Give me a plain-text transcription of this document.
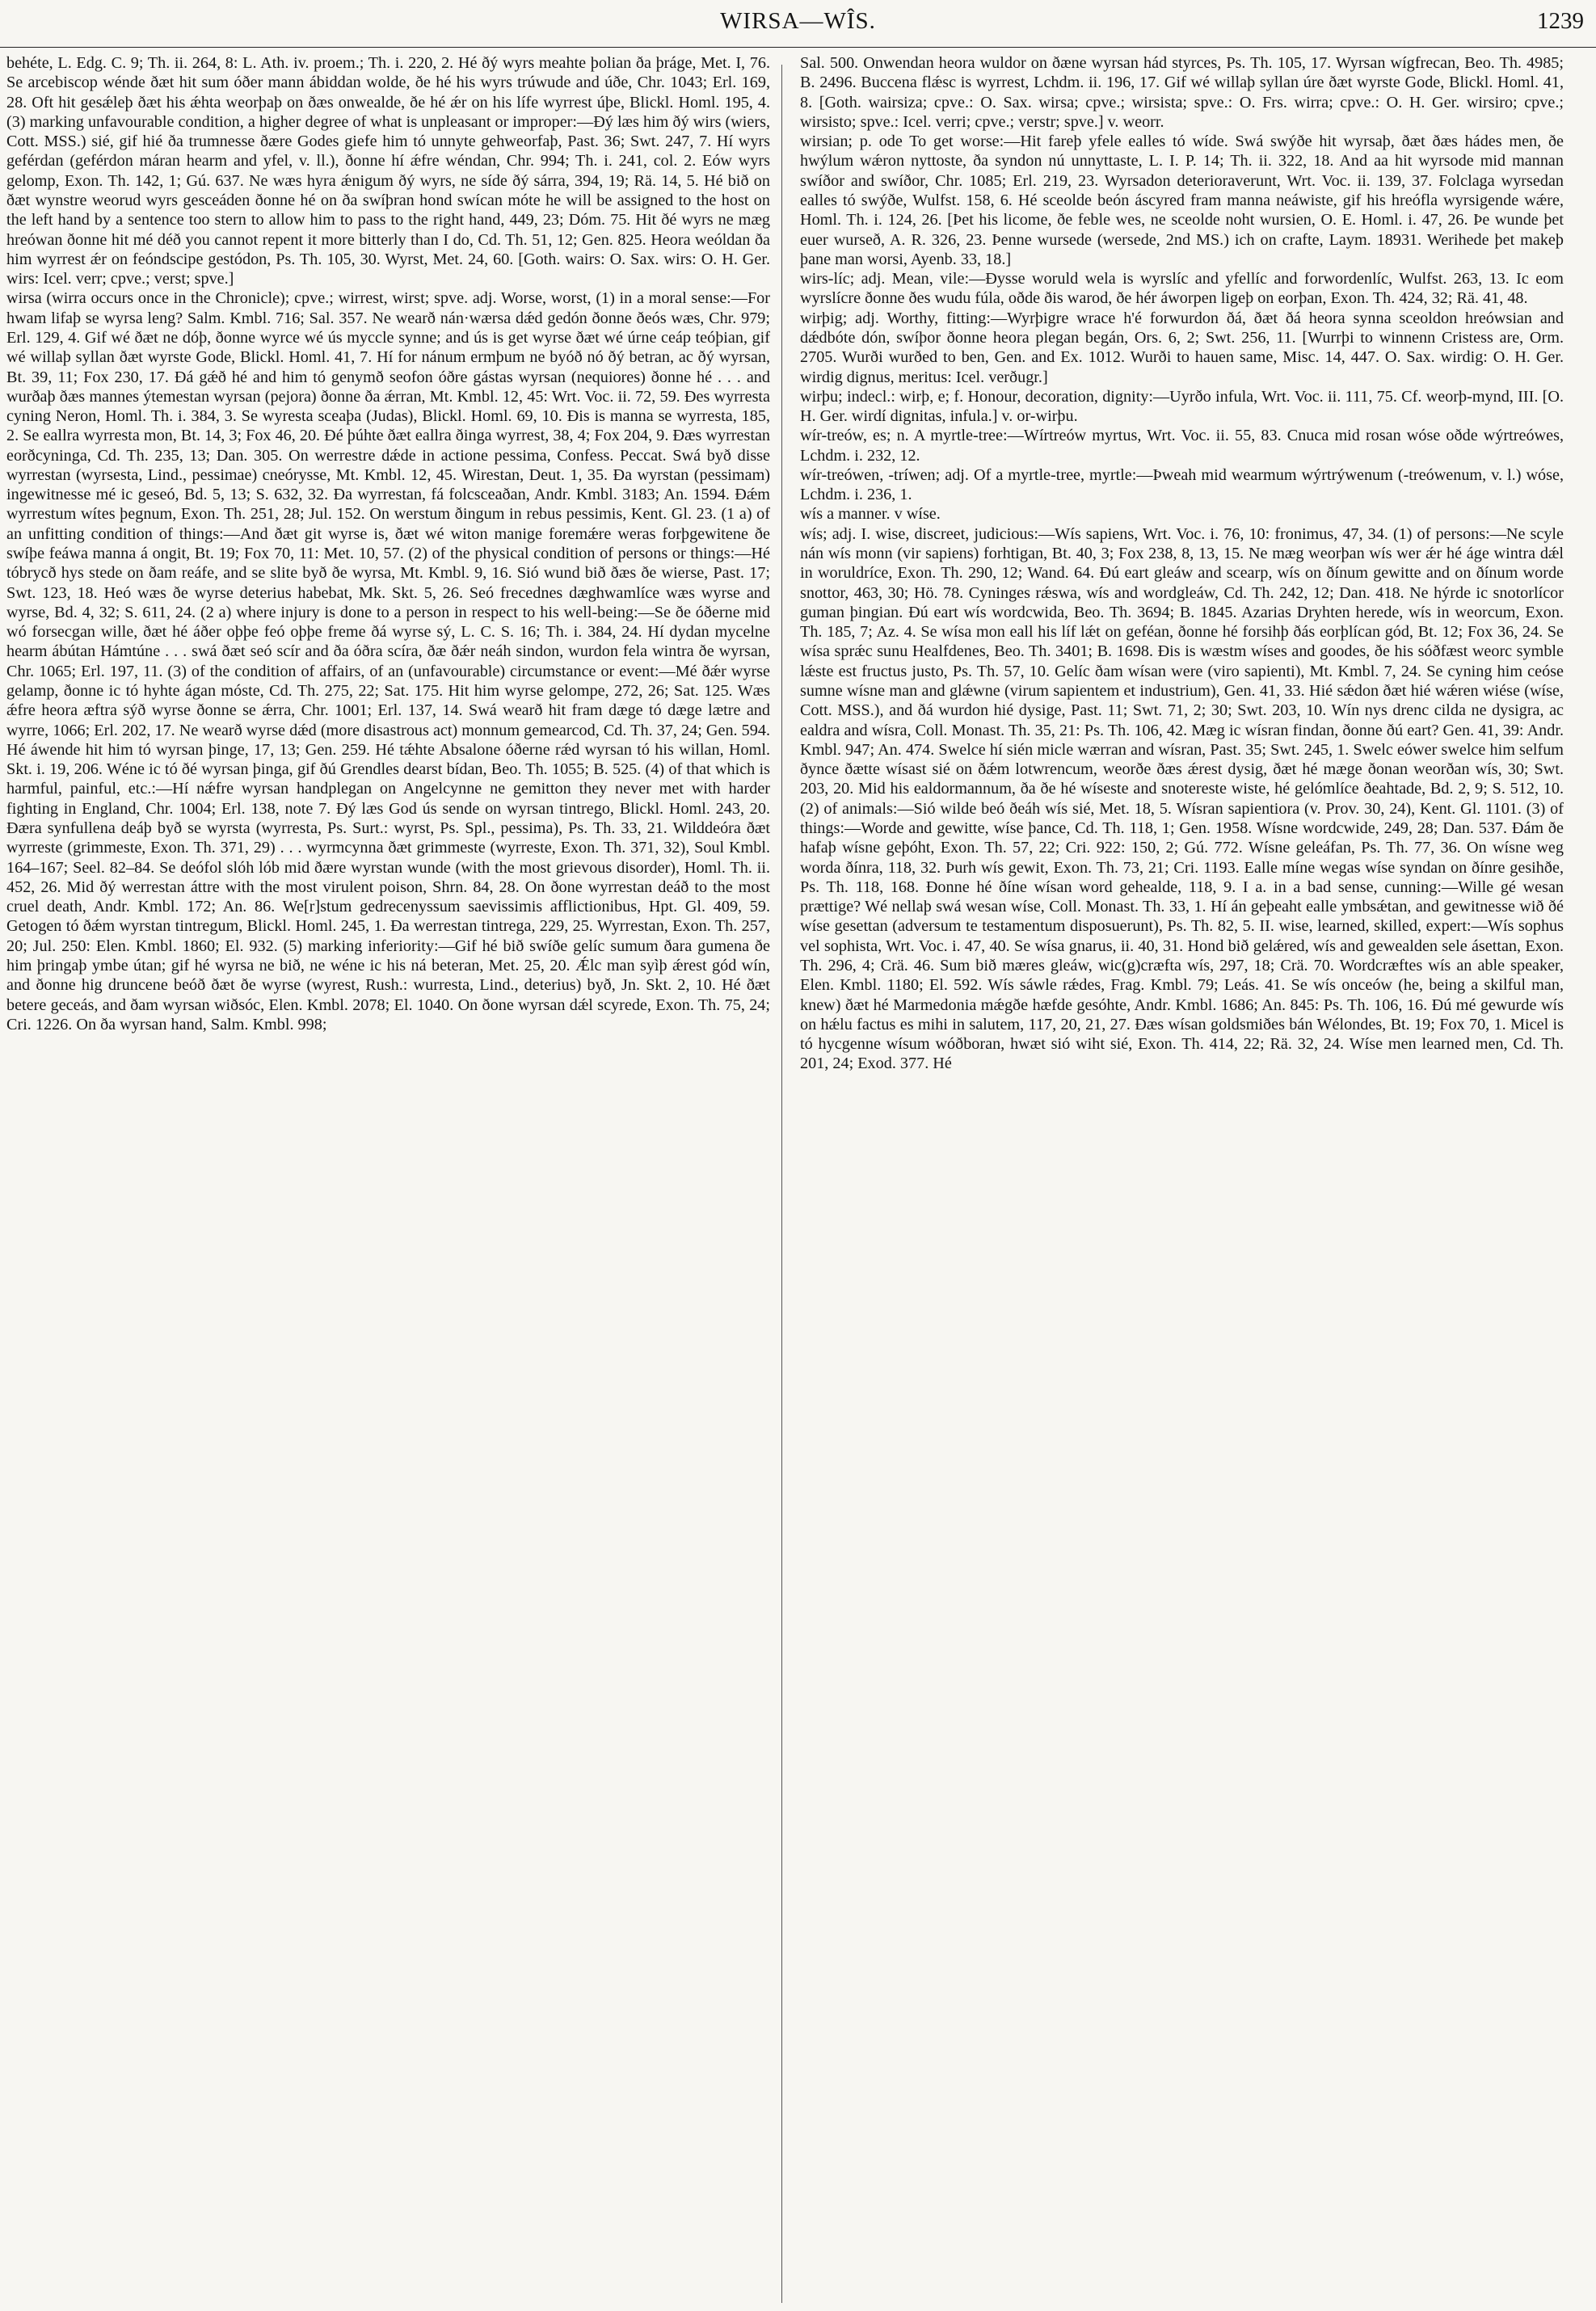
WIRSA—WÎS.	1239

behéte, L. Edg. C. 9; Th. ii. 264, 8: L. Ath. iv. proem.; Th. i. 220, 2. Hé ðý wyrs meahte þolian ða þráge, Met. I, 76. Se arcebiscop wénde ðæt hit sum óðer mann ábiddan wolde, ðe hé his wyrs trúwude and úðe, Chr. 1043; Erl. 169, 28. Oft hit gesǽleþ ðæt his ǽhta weorþaþ on ðæs onwealde, ðe hé ǽr on his lífe wyrrest úþe, Blickl. Homl. 195, 4. (3) marking unfavourable condition, a higher degree of what is unpleasant or improper:—Ðý læs him ðý wirs (wiers, Cott. MSS.) sié, gif hié ða trumnesse ðære Godes giefe him tó unnyte gehweorfaþ, Past. 36; Swt. 247, 7. Hí wyrs geférdan (geférdon máran hearm and yfel, v. ll.), ðonne hí ǽfre wéndan, Chr. 994; Th. i. 241, col. 2. Eów wyrs gelomp, Exon. Th. 142, 1; Gú. 637. Ne wæs hyra ǽnigum ðý wyrs, ne síde ðý sárra, 394, 19; Rä. 14, 5. Hé bið on ðæt wynstre weorud wyrs gesceáden ðonne hé on ða swíþran hond swícan móte he will be assigned to the host on the left hand by a sentence too stern to allow him to pass to the right hand, 449, 23; Dóm. 75. Hit ðé wyrs ne mæg hreówan ðonne hit mé déð you cannot repent it more bitterly than I do, Cd. Th. 51, 12; Gen. 825. Heora weóldan ða him wyrrest ǽr on feóndscipe gestódon, Ps. Th. 105, 30. Wyrst, Met. 24, 60. [Goth. wairs: O. Sax. wirs: O. H. Ger. wirs: Icel. verr; cpve.; verst; spve.]

wirsa (wirra occurs once in the Chronicle); cpve.; wirrest, wirst; spve. adj. Worse, worst, (1) in a moral sense:—For hwam lifaþ se wyrsa leng? Salm. Kmbl. 716; Sal. 357. Ne wearð nán·wærsa dǽd gedón ðonne ðeós wæs, Chr. 979; Erl. 129, 4. Gif wé ðæt ne dóþ, ðonne wyrce wé ús myccle synne; and ús is get wyrse ðæt wé úrne ceáp teóþian, gif wé willaþ syllan ðæt wyrste Gode, Blickl. Homl. 41, 7. Hí for nánum ermþum ne byóð nó ðý betran, ac ðý wyrsan, Bt. 39, 11; Fox 230, 17. Ðá gǽð hé and him tó genymð seofon óðre gástas wyrsan (nequiores) ðonne hé . . . and wurðaþ ðæs mannes ýtemestan wyrsan (pejora) ðonne ða ǽrran, Mt. Kmbl. 12, 45: Wrt. Voc. ii. 72, 59. Ðes wyrresta cyning Neron, Homl. Th. i. 384, 3. Se wyresta sceaþa (Judas), Blickl. Homl. 69, 10. Ðis is manna se wyrresta, 185, 2. Se eallra wyrresta mon, Bt. 14, 3; Fox 46, 20. Ðé þúhte ðæt eallra ðinga wyrrest, 38, 4; Fox 204, 9. Ðæs wyrrestan eorðcyninga, Cd. Th. 235, 13; Dan. 305. On werrestre dǽde in actione pessima, Confess. Peccat. Swá byð disse wyrrestan (wyrsesta, Lind., pessimae) cneórysse, Mt. Kmbl. 12, 45. Wirestan, Deut. 1, 35. Ða wyrstan (pessimam) ingewitnesse mé ic geseó, Bd. 5, 13; S. 632, 32. Ða wyrrestan, fá folcsceaðan, Andr. Kmbl. 3183; An. 1594. Ðǽm wyrrestum wítes þegnum, Exon. Th. 251, 28; Jul. 152. On werstum ðingum in rebus pessimis, Kent. Gl. 23. (1 a) of an unfitting condition of things:—And ðæt git wyrse is, ðæt wé witon manige foremǽre weras forþgewitene ðe swíþe feáwa manna á ongit, Bt. 19; Fox 70, 11: Met. 10, 57. (2) of the physical condition of persons or things:—Hé tóbrycð hys stede on ðam reáfe, and se slite byð ðe wyrsa, Mt. Kmbl. 9, 16. Sió wund bið ðæs ðe wierse, Past. 17; Swt. 123, 18. Heó wæs ðe wyrse deterius habebat, Mk. Skt. 5, 26. Seó frecednes dæghwamlíce wæs wyrse and wyrse, Bd. 4, 32; S. 611, 24. (2 a) where injury is done to a person in respect to his well-being:—Se ðe óðerne mid wó forsecgan wille, ðæt hé áðer oþþe feó oþþe freme ðá wyrse sý, L. C. S. 16; Th. i. 384, 24. Hí dydan mycelne hearm ábútan Hámtúne . . . swá ðæt seó scír and ða óðra scíra, ðæ ðǽr neáh sindon, wurdon fela wintra ðe wyrsan, Chr. 1065; Erl. 197, 11. (3) of the condition of affairs, of an (unfavourable) circumstance or event:—Mé ðǽr wyrse gelamp, ðonne ic tó hyhte ágan móste, Cd. Th. 275, 22; Sat. 175. Hit him wyrse gelompe, 272, 26; Sat. 125. Wæs ǽfre heora æftra sýð wyrse ðonne se ǽrra, Chr. 1001; Erl. 137, 14. Swá wearð hit fram dæge tó dæge lætre and wyrre, 1066; Erl. 202, 17. Ne wearð wyrse dǽd (more disastrous act) monnum gemearcod, Cd. Th. 37, 24; Gen. 594. Hé áwende hit him tó wyrsan þinge, 17, 13; Gen. 259. Hé tǽhte Absalone óðerne rǽd wyrsan tó his willan, Homl. Skt. i. 19, 206. Wéne ic tó ðé wyrsan þinga, gif ðú Grendles dearst bídan, Beo. Th. 1055; B. 525. (4) of that which is harmful, painful, etc.:—Hí nǽfre wyrsan handplegan on Angelcynne ne gemitton they never met with harder fighting in England, Chr. 1004; Erl. 138, note 7. Ðý læs God ús sende on wyrsan tintrego, Blickl. Homl. 243, 20. Ðæra synfullena deáþ byð se wyrsta (wyrresta, Ps. Surt.: wyrst, Ps. Spl., pessima), Ps. Th. 33, 21. Wilddeóra ðæt wyrreste (grimmeste, Exon. Th. 371, 29) . . . wyrmcynna ðæt grimmeste (wyrreste, Exon. Th. 371, 32), Soul Kmbl. 164–167; Seel. 82–84. Se deófol slóh lób mid ðære wyrstan wunde (with the most grievous disorder), Homl. Th. ii. 452, 26. Mid ðý werrestan áttre with the most virulent poison, Shrn. 84, 28. On ðone wyrrestan deáð to the most cruel death, Andr. Kmbl. 172; An. 86. We[r]stum gedrecenyssum saevissimis afflictionibus, Hpt. Gl. 409, 59. Getogen tó ðǽm wyrstan tintregum, Blickl. Homl. 245, 1. Ða werrestan tintrega, 229, 25. Wyrrestan, Exon. Th. 257, 20; Jul. 250: Elen. Kmbl. 1860; El. 932. (5) marking inferiority:—Gif hé bið swíðe gelíc sumum ðara gumena ðe him þringaþ ymbe útan; gif hé wyrsa ne bið, ne wéne ic his ná beteran, Met. 25, 20. Ǽlc man syìþ ǽrest gód wín, and ðonne hig druncene beóð ðæt ðe wyrse (wyrest, Rush.: wurresta, Lind., deterius) byð, Jn. Skt. 2, 10. Hé ðæt betere geceás, and ðam wyrsan wiðsóc, Elen. Kmbl. 2078; El. 1040. On ðone wyrsan dǽl scyrede, Exon. Th. 75, 24; Cri. 1226. On ða wyrsan hand, Salm. Kmbl. 998;

Sal. 500. Onwendan heora wuldor on ðæne wyrsan hád styrces, Ps. Th. 105, 17. Wyrsan wígfrecan, Beo. Th. 4985; B. 2496. Buccena flǽsc is wyrrest, Lchdm. ii. 196, 17. Gif wé willaþ syllan úre ðæt wyrste Gode, Blickl. Homl. 41, 8. [Goth. wairsiza; cpve.: O. Sax. wirsa; cpve.; wirsista; spve.: O. Frs. wirra; cpve.: O. H. Ger. wirsiro; cpve.; wirsisto; spve.: Icel. verri; cpve.; verstr; spve.] v. weorr.

wirsian; p. ode To get worse:—Hit fareþ yfele ealles tó wíde. Swá swýðe hit wyrsaþ, ðæt ðæs hádes men, ðe hwýlum wǽron nyttoste, ða syndon nú unnyttaste, L. I. P. 14; Th. ii. 322, 18. And aa hit wyrsode mid mannan swíðor and swíðor, Chr. 1085; Erl. 219, 23. Wyrsadon deterioraverunt, Wrt. Voc. ii. 139, 37. Folclaga wyrsedan ealles tó swýðe, Wulfst. 158, 6. Hé sceolde beón áscyred fram manna neáwiste, gif his hreófla wyrsigende wǽre, Homl. Th. i. 124, 26. [Þet his licome, ðe feble wes, ne sceolde noht wursien, O. E. Homl. i. 47, 26. Þe wunde þet euer wurseð, A. R. 326, 23. Þenne wursede (wersede, 2nd MS.) ich on crafte, Laym. 18931. Werihede þet makeþ þane man worsi, Ayenb. 33, 18.]

wirs-líc; adj. Mean, vile:—Ðysse woruld wela is wyrslíc and yfellíc and forwordenlíc, Wulfst. 263, 13. Ic eom wyrslícre ðonne ðes wudu fúla, oðde ðis warod, ðe hér áworpen ligeþ on eorþan, Exon. Th. 424, 32; Rä. 41, 48.

wirþig; adj. Worthy, fitting:—Wyrþigre wrace h'é forwurdon ðá, ðæt ðá heora synna sceoldon hreówsian and dǽdbóte dón, swíþor ðonne heora plegan begán, Ors. 6, 2; Swt. 256, 11. [Wurrþi to winnenn Cristess are, Orm. 2705. Wurði wurðed to ben, Gen. and Ex. 1012. Wurði to hauen same, Misc. 14, 447. O. Sax. wirdig: O. H. Ger. wirdig dignus, meritus: Icel. verðugr.]

wirþu; indecl.: wirþ, e; f. Honour, decoration, dignity:—Uyrðo infula, Wrt. Voc. ii. 111, 75. Cf. weorþ-mynd, III. [O. H. Ger. wirdí dignitas, infula.] v. or-wirþu.

wír-treów, es; n. A myrtle-tree:—Wírtreów myrtus, Wrt. Voc. ii. 55, 83. Cnuca mid rosan wóse oðde wýrtreówes, Lchdm. i. 232, 12.

wír-treówen, -tríwen; adj. Of a myrtle-tree, myrtle:—Þweah mid wearmum wýrtrýwenum (-treówenum, v. l.) wóse, Lchdm. i. 236, 1.

wís a manner. v wíse.

wís; adj. I. wise, discreet, judicious:—Wís sapiens, Wrt. Voc. i. 76, 10: fronimus, 47, 34. (1) of persons:—Ne scyle nán wís monn (vir sapiens) forhtigan, Bt. 40, 3; Fox 238, 8, 13, 15. Ne mæg weorþan wís wer ǽr hé áge wintra dǽl in woruldríce, Exon. Th. 290, 12; Wand. 64. Ðú eart gleáw and scearp, wís on ðínum gewitte and on ðínum worde snottor, 463, 30; Hö. 78. Cyninges rǽswa, wís and wordgleáw, Cd. Th. 242, 12; Dan. 418. Ne hýrde ic snotorlícor guman þingian. Ðú eart wís wordcwida, Beo. Th. 3694; B. 1845. Azarias Dryhten herede, wís in weorcum, Exon. Th. 185, 7; Az. 4. Se wísa mon eall his líf lǽt on geféan, ðonne hé forsihþ ðás eorþlícan gód, Bt. 12; Fox 36, 24. Se wísa sprǽc sunu Healfdenes, Beo. Th. 3401; B. 1698. Ðis is wæstm wíses and goodes, ðe his sóðfæst weorc symble lǽste est fructus justo, Ps. Th. 57, 10. Gelíc ðam wísan were (viro sapienti), Mt. Kmbl. 7, 24. Se cyning him ceóse sumne wísne man and glǽwne (virum sapientem et industrium), Gen. 41, 33. Hié sǽdon ðæt hié wǽren wiése (wíse, Cott. MSS.), and ðá wurdon hié dysige, Past. 11; Swt. 71, 2; 30; Swt. 203, 10. Wín nys drenc cilda ne dysigra, ac ealdra and wísra, Coll. Monast. Th. 35, 21: Ps. Th. 106, 42. Mæg ic wísran findan, ðonne ðú eart? Gen. 41, 39: Andr. Kmbl. 947; An. 474. Swelce hí sién micle wærran and wísran, Past. 35; Swt. 245, 1. Swelc eówer swelce him selfum ðynce ðætte wísast sié on ðǽm lotwrencum, weorðe ðæs ǽrest dysig, ðæt hé mæge ðonan weorðan wís, 30; Swt. 203, 20. Mid his ealdormannum, ða ðe hé wíseste and snotereste wiste, hé gelómlíce ðeahtade, Bd. 2, 9; S. 512, 10. (2) of animals:—Sió wilde beó ðeáh wís sié, Met. 18, 5. Wísran sapientiora (v. Prov. 30, 24), Kent. Gl. 1101. (3) of things:—Worde and gewitte, wíse þance, Cd. Th. 118, 1; Gen. 1958. Wísne wordcwide, 249, 28; Dan. 537. Ðám ðe hafaþ wísne geþóht, Exon. Th. 57, 22; Cri. 922: 150, 2; Gú. 772. Wísne geleáfan, Ps. Th. 77, 36. On wísne weg worda ðínra, 118, 32. Þurh wís gewit, Exon. Th. 73, 21; Cri. 1193. Ealle míne wegas wíse syndan on ðínre gesihðe, Ps. Th. 118, 168. Ðonne hé ðíne wísan word gehealde, 118, 9. I a. in a bad sense, cunning:—Wille gé wesan prættige? Wé nellaþ swá wesan wíse, Coll. Monast. Th. 33, 1. Hí án geþeaht ealle ymbsǽtan, and gewitnesse wið ðé wíse gesettan (adversum te testamentum disposuerunt), Ps. Th. 82, 5. II. wise, learned, skilled, expert:—Wís sophus vel sophista, Wrt. Voc. i. 47, 40. Se wísa gnarus, ii. 40, 31. Hond bið gelǽred, wís and gewealden sele ásettan, Exon. Th. 296, 4; Crä. 46. Sum bið mæres gleáw, wic(g)cræfta wís, 297, 18; Crä. 70. Wordcræftes wís an able speaker, Elen. Kmbl. 1180; El. 592. Wís sáwle rǽdes, Frag. Kmbl. 79; Leás. 41. Se wís onceów (he, being a skilful man, knew) ðæt hé Marmedonia mǽgðe hæfde gesóhte, Andr. Kmbl. 1686; An. 845: Ps. Th. 106, 16. Ðú mé gewurde wís on hǽlu factus es mihi in salutem, 117, 20, 21, 27. Ðæs wísan goldsmiðes bán Wélondes, Bt. 19; Fox 70, 1. Micel is tó hycgenne wísum wóðboran, hwæt sió wiht sié, Exon. Th. 414, 22; Rä. 32, 24. Wíse men learned men, Cd. Th. 201, 24; Exod. 377. Hé
